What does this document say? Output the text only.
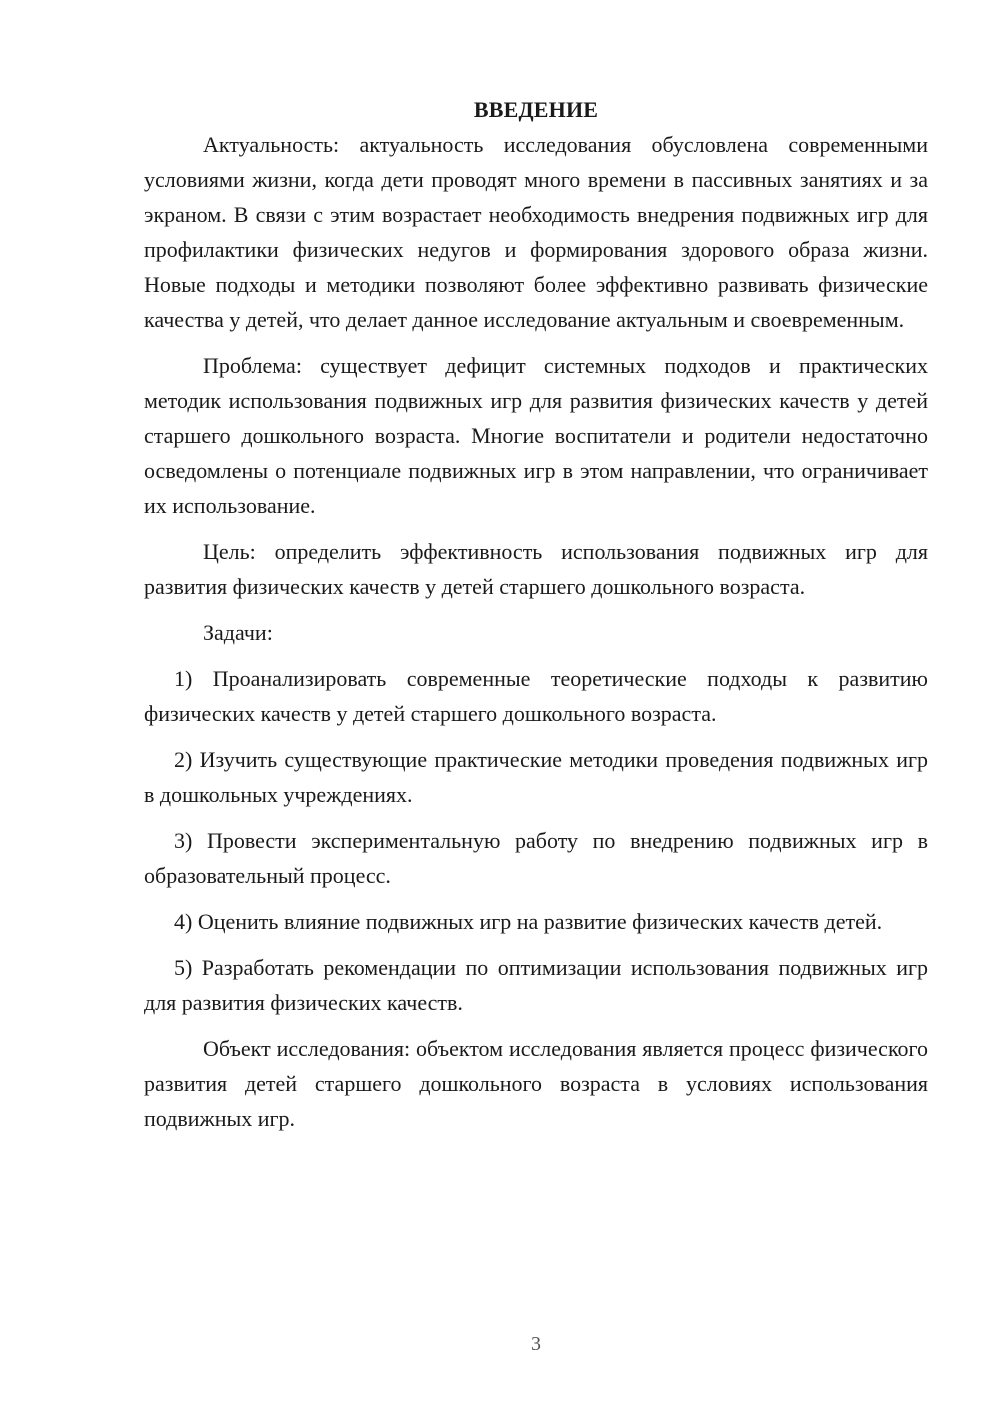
ВВЕДЕНИЕ

Актуальность: актуальность исследования обусловлена современными условиями жизни, когда дети проводят много времени в пассивных занятиях и за экраном. В связи с этим возрастает необходимость внедрения подвижных игр для профилактики физических недугов и формирования здорового образа жизни. Новые подходы и методики позволяют более эффективно развивать физические качества у детей, что делает данное исследование актуальным и своевременным.

Проблема: существует дефицит системных подходов и практических методик использования подвижных игр для развития физических качеств у детей старшего дошкольного возраста. Многие воспитатели и родители недостаточно осведомлены о потенциале подвижных игр в этом направлении, что ограничивает их использование.

Цель: определить эффективность использования подвижных игр для развития физических качеств у детей старшего дошкольного возраста.

Задачи:

1) Проанализировать современные теоретические подходы к развитию физических качеств у детей старшего дошкольного возраста.

2) Изучить существующие практические методики проведения подвижных игр в дошкольных учреждениях.

3) Провести экспериментальную работу по внедрению подвижных игр в образовательный процесс.

4) Оценить влияние подвижных игр на развитие физических качеств детей.

5) Разработать рекомендации по оптимизации использования подвижных игр для развития физических качеств.

Объект исследования: объектом исследования является процесс физического развития детей старшего дошкольного возраста в условиях использования подвижных игр.

3
